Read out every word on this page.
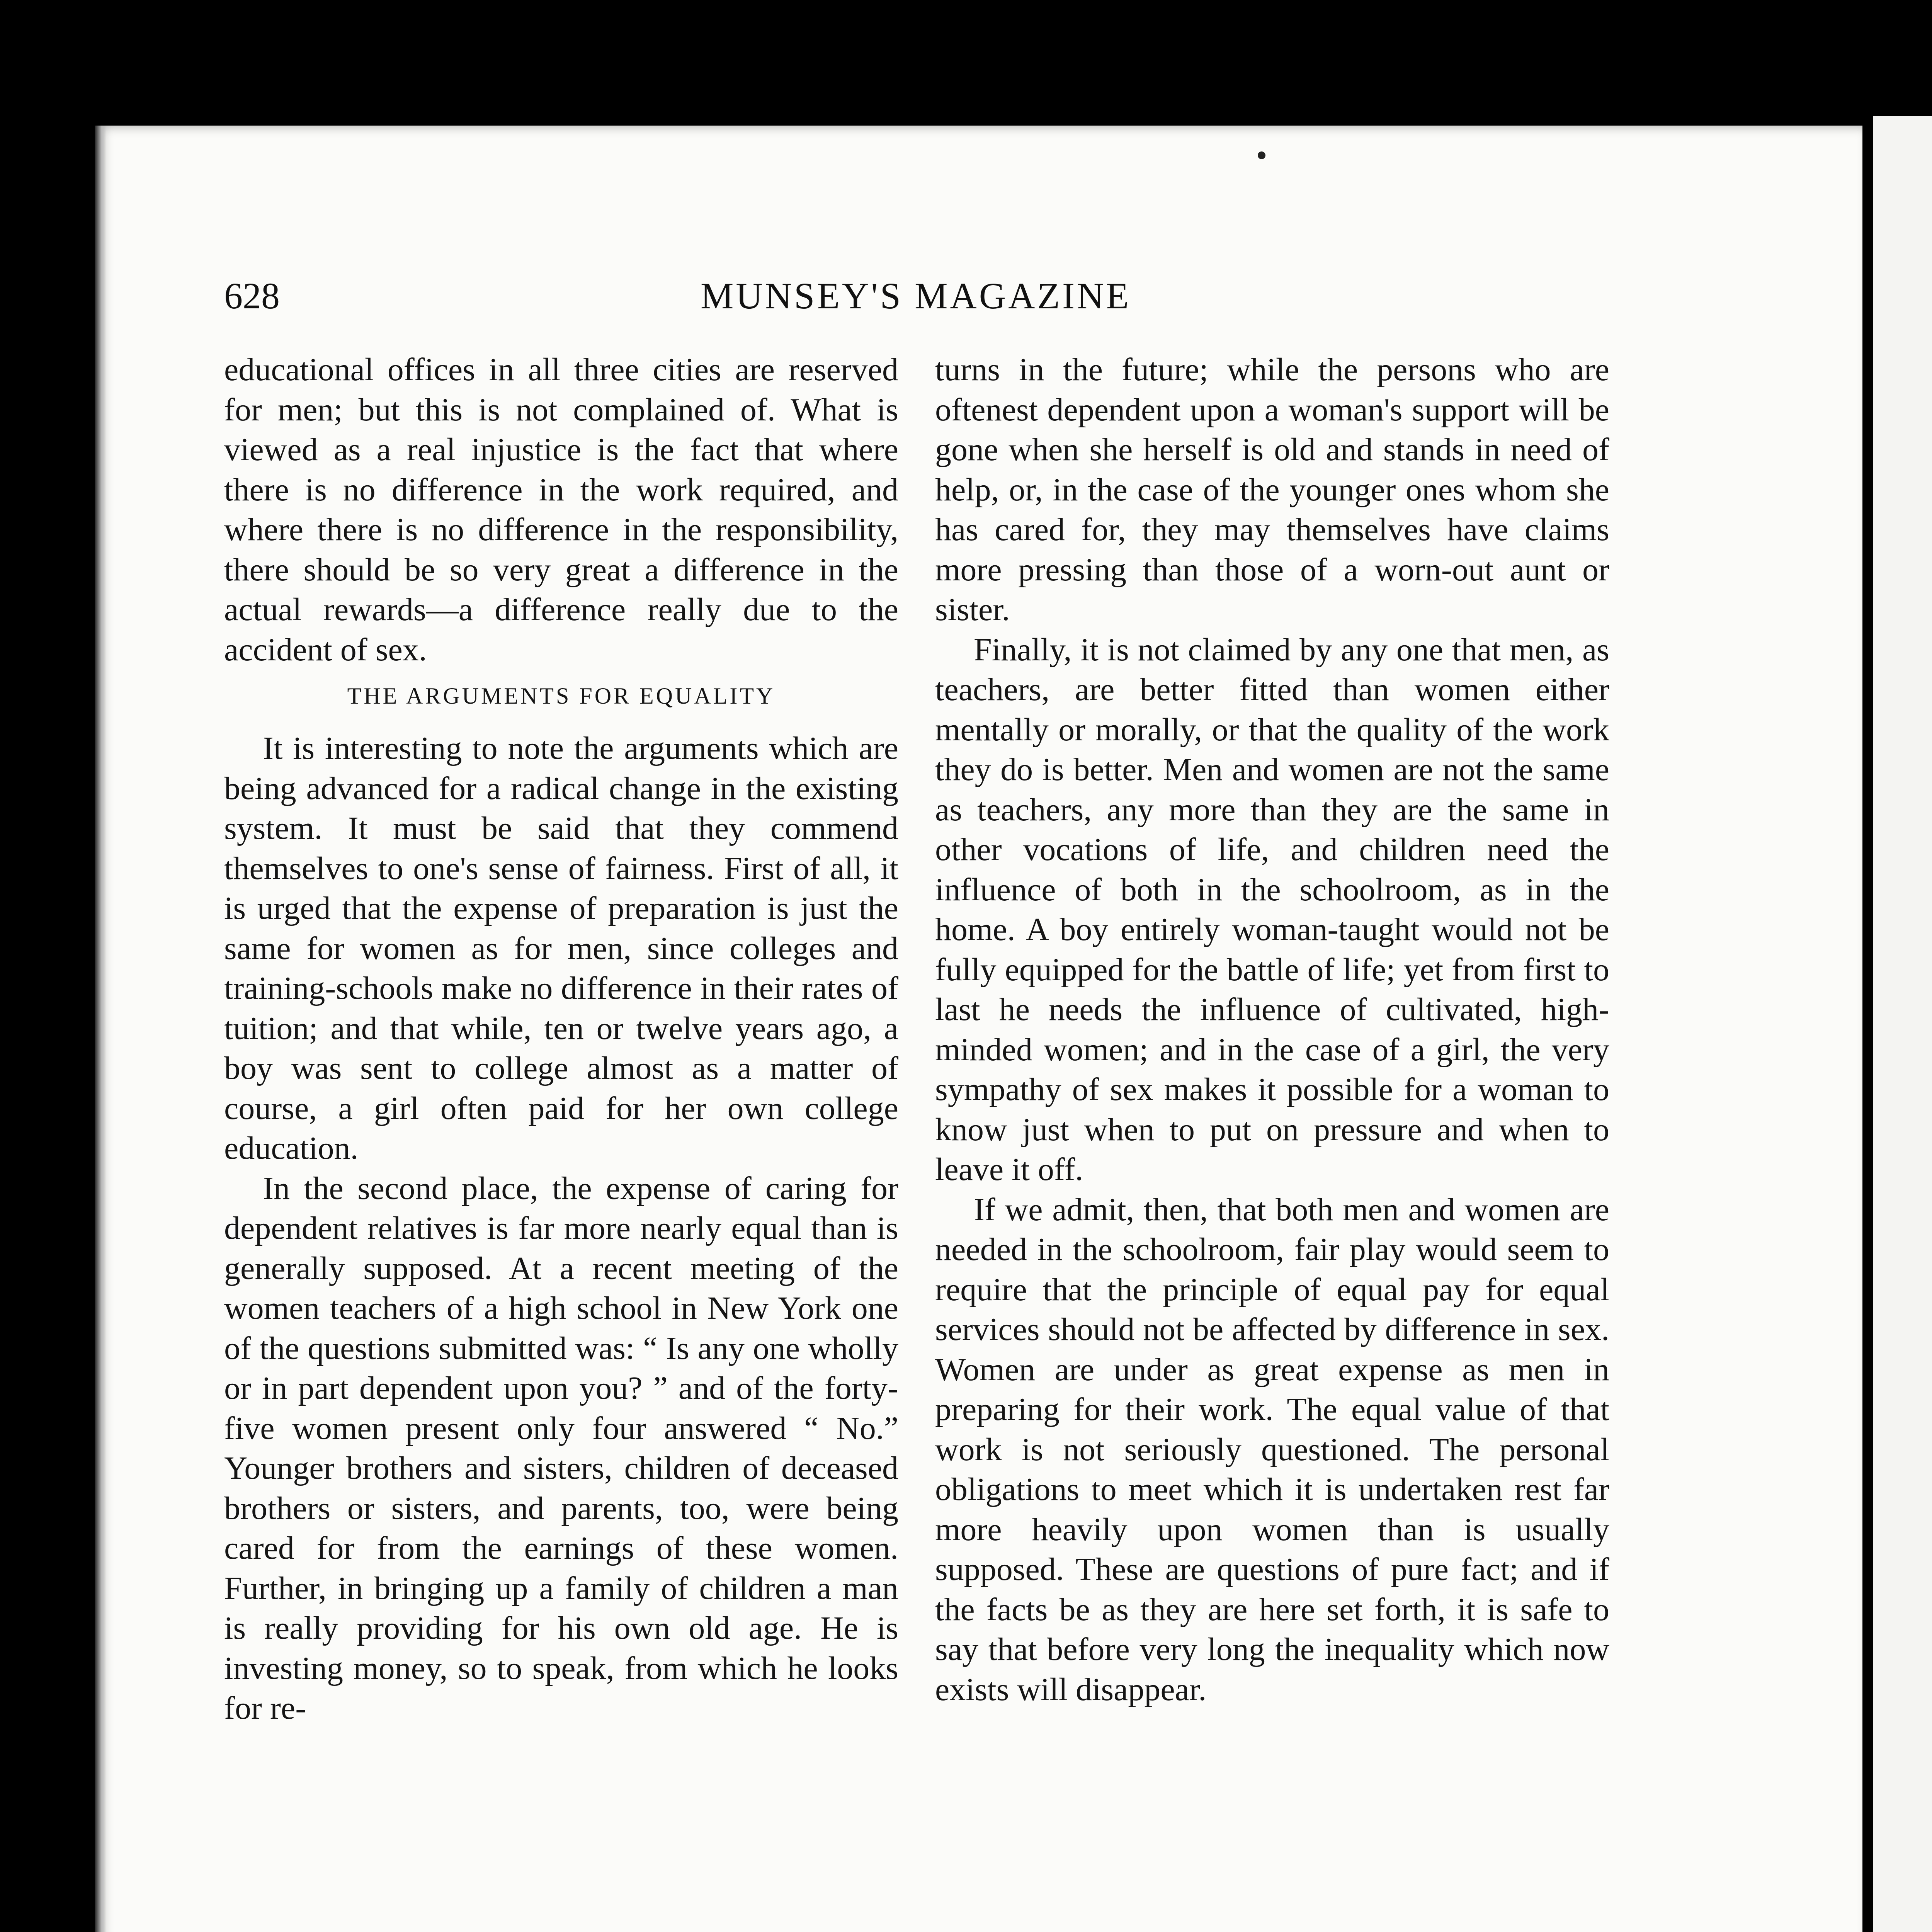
628	MUNSEY'S MAGAZINE

educational offices in all three cities are reserved for men; but this is not complained of. What is viewed as a real injustice is the fact that where there is no difference in the work required, and where there is no difference in the responsibility, there should be so very great a difference in the actual rewards—a difference really due to the accident of sex.

THE ARGUMENTS FOR EQUALITY

It is interesting to note the arguments which are being advanced for a radical change in the existing system. It must be said that they commend themselves to one's sense of fairness. First of all, it is urged that the expense of preparation is just the same for women as for men, since colleges and training-schools make no difference in their rates of tuition; and that while, ten or twelve years ago, a boy was sent to college almost as a matter of course, a girl often paid for her own college education.

In the second place, the expense of caring for dependent relatives is far more nearly equal than is generally supposed. At a recent meeting of the women teachers of a high school in New York one of the questions submitted was: “ Is any one wholly or in part dependent upon you? ” and of the forty-five women present only four answered “ No.” Younger brothers and sisters, children of deceased brothers or sisters, and parents, too, were being cared for from the earnings of these women. Further, in bringing up a family of children a man is really providing for his own old age. He is investing money, so to speak, from which he looks for re-

turns in the future; while the persons who are oftenest dependent upon a woman's support will be gone when she herself is old and stands in need of help, or, in the case of the younger ones whom she has cared for, they may themselves have claims more pressing than those of a worn-out aunt or sister.

Finally, it is not claimed by any one that men, as teachers, are better fitted than women either mentally or morally, or that the quality of the work they do is better. Men and women are not the same as teachers, any more than they are the same in other vocations of life, and children need the influence of both in the schoolroom, as in the home. A boy entirely woman-taught would not be fully equipped for the battle of life; yet from first to last he needs the influence of cultivated, high-minded women; and in the case of a girl, the very sympathy of sex makes it possible for a woman to know just when to put on pressure and when to leave it off.

If we admit, then, that both men and women are needed in the schoolroom, fair play would seem to require that the principle of equal pay for equal services should not be affected by difference in sex. Women are under as great expense as men in preparing for their work. The equal value of that work is not seriously questioned. The personal obligations to meet which it is undertaken rest far more heavily upon women than is usually supposed. These are questions of pure fact; and if the facts be as they are here set forth, it is safe to say that before very long the inequality which now exists will disappear.
